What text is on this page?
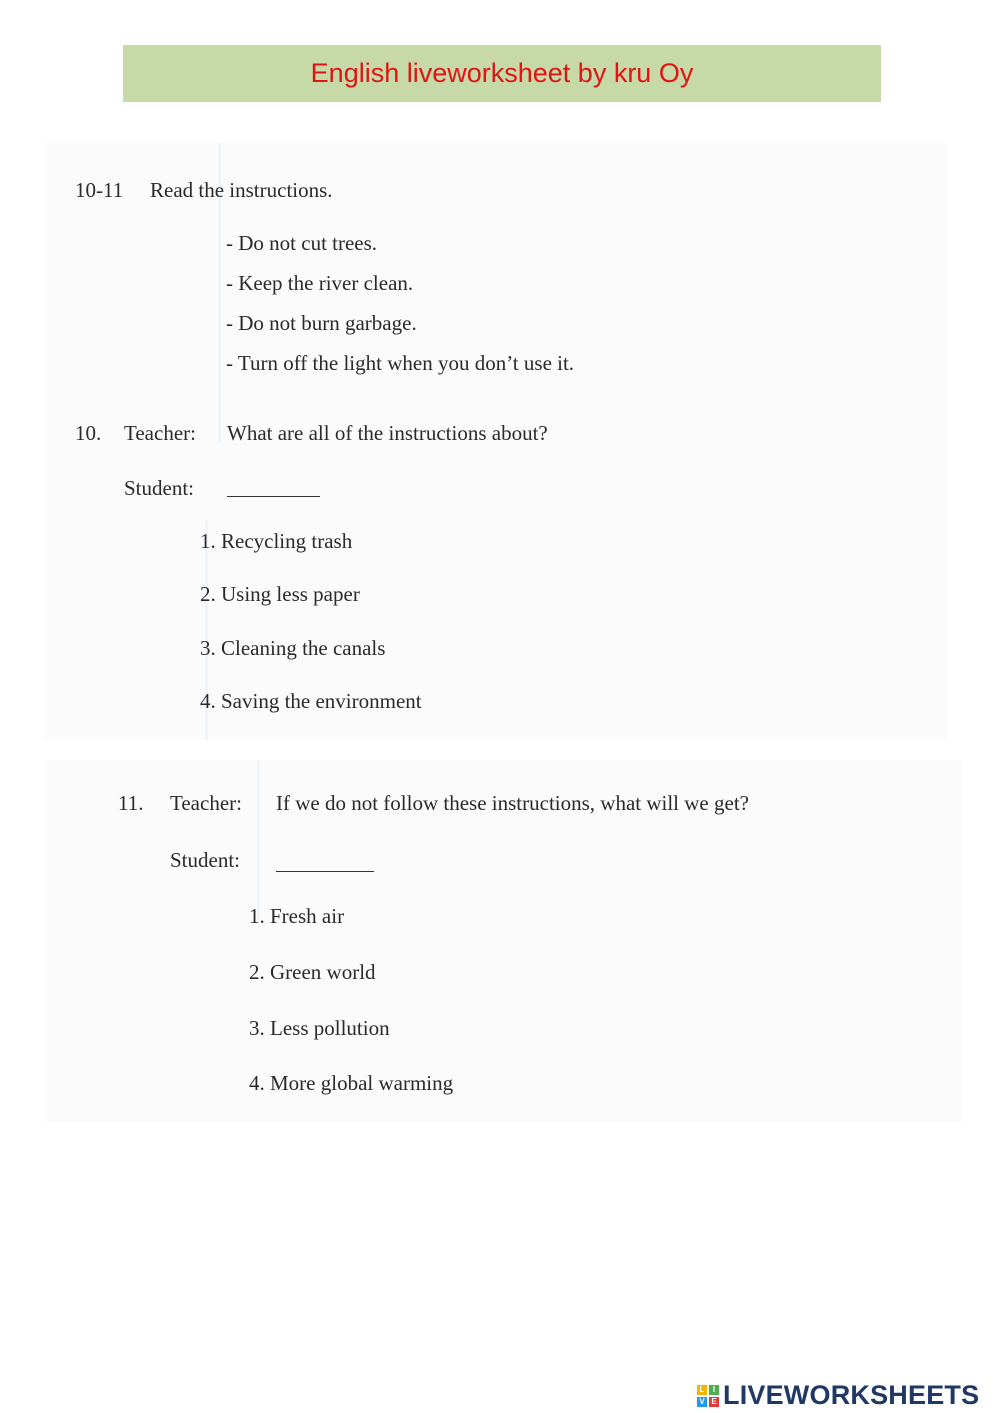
English liveworksheet by kru Oy
10-11 Read the instructions.
- Do not cut trees.
- Keep the river clean.
- Do not burn garbage.
- Turn off the light when you don’t use it.
10. Teacher: What are all of the instructions about?
Student:
1. Recycling trash
2. Using less paper
3. Cleaning the canals
4. Saving the environment
11. Teacher: If we do not follow these instructions, what will we get?
Student:
1. Fresh air
2. Green world
3. Less pollution
4. More global warming
L	I
V E LIVEWORKSHEETS
